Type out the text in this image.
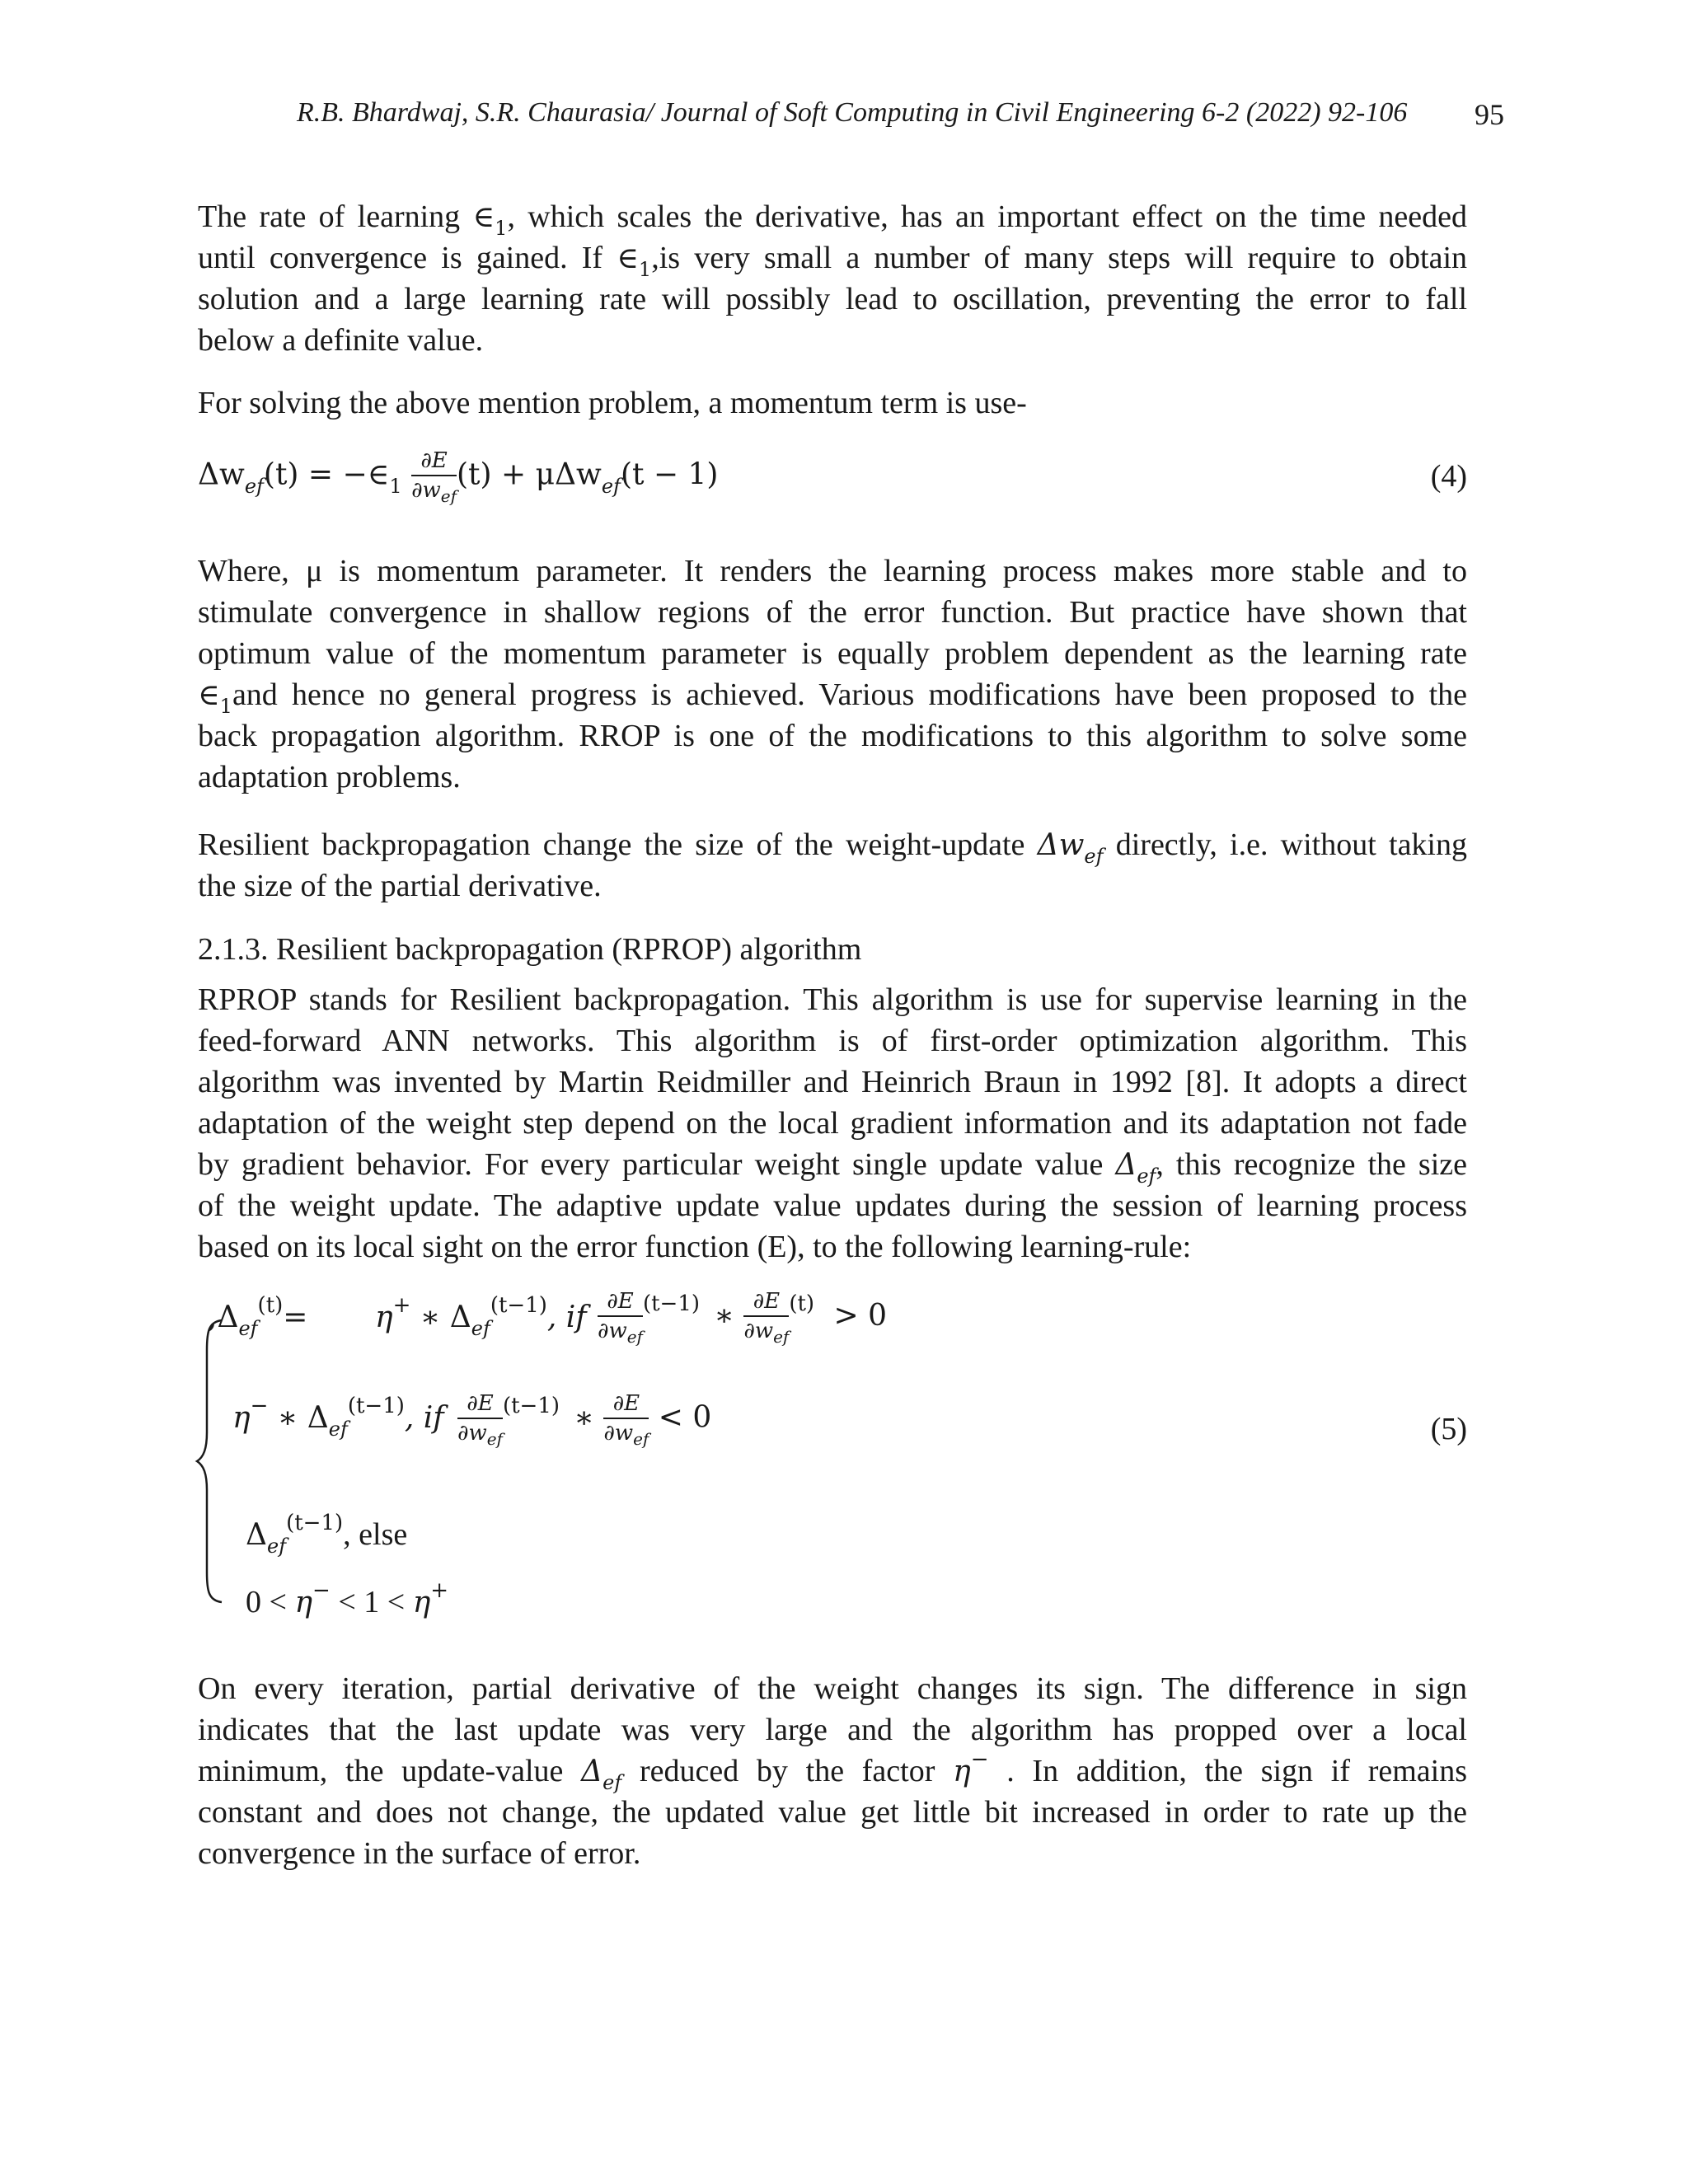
R.B. Bhardwaj, S.R. Chaurasia/ Journal of Soft Computing in Civil Engineering 6-2 (2022) 92-106 95
The rate of learning $\in_1$, which scales the derivative, has an important effect on the time needed
until convergence is gained. If $\in_1,is$ very small a number of many steps will require to obtain
solution and a large learning rate will possibly lead to oscillation, preventing the error to fall
below a definite value.
For solving the above mention problem, a momentum term is use-
$\Delta w_{ef}(t)$ = $-\in_1 \frac{\partial E}{\partial w_{ef}} (t) + \mu\Delta w_{ef}(t - 1)$	(4)
Where, μ is momentum parameter. It renders the learning process makes more stable and to
stimulate convergence in shallow regions of the error function. But practice have shown that
optimum value of the momentum parameter is equally problem dependent as the learning rate
$\in_1and$ hence no general progress is achieved. Various modifications have been proposed to the
back propagation algorithm. RROP is one of the modifications to this algorithm to solve some
adaptation problems.
Resilient backpropagation change the size of the weight-update $\Delta w_{ef}$ directly, i.e. without taking
the size of the partial derivative.
2.1.3. Resilient backpropagation (RPROP) algorithm
RPROP stands for Resilient backpropagation. This algorithm is use for supervise learning in the
feed-forward ANN networks. This algorithm is of first-order optimization algorithm. This
algorithm was invented by Martin Reidmiller and Heinrich Braun in 1992 [8]. It adopts a direct
adaptation of the weight step depend on the local gradient information and its adaptation not fade
by gradient behavior. For every particular weight single update value $\Delta_{ef}$, this recognize the size
of the weight update. The adaptive update value updates during the session of learning process
based on its local sight on the error function (E), to the following learning-rule:
$,\Delta_{ef}^{(t)}= \eta^+$ ∗ $\Delta_{ef}^{(t-1)}$, if $\frac{\partial E}{\partial w_{ef}} ^{(t-1)}$ ∗ $\frac{\partial E}{\partial w_{ef}} ^{(t)} > 0$
η− ∗ $\Delta_{ef}^{(t-1)}$, if $\frac{\partial E}{\partial w_{ef}} ^{(t-1)}$ ∗ $\frac{\partial E}{\partial w_{ef}} < 0$	(5)
$\Delta_{ef}^{(t-1)}$, else
0 < η− < 1 < η+
On every iteration, partial derivative of the weight changes its sign. The difference in sign
indicates that the last update was very large and the algorithm has propped over a local
minimum, the update-value $\Delta_{ef}$ reduced by the factor η− . In addition, the sign if remains
constant and does not change, the updated value get little bit increased in order to rate up the
convergence in the surface of error.
